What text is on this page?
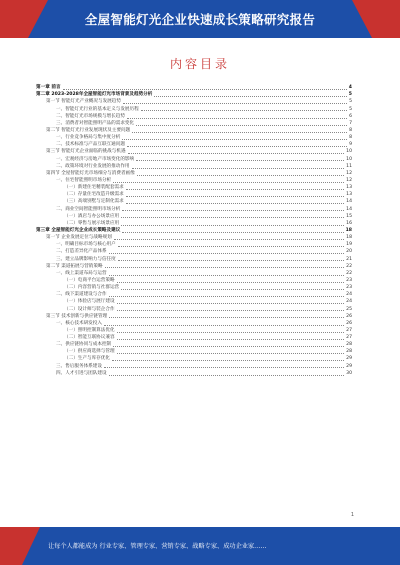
全屋智能灯光企业快速成长策略研究报告
内容目录
第一章 前言	4
第二章 2023-2028年全屋智能灯光市场背景及趋势分析	5
第一节 智能灯光产业概况与发展趋势	5
一、智能灯光行业的基本定义与发展历程	5
二、智能灯光市场规模与增长趋势	6
三、消费者对智能照明产品的需求变化	7
第二节 智能灯光行业发展现状及主要问题	8
一、行业竞争格局与集中度分析	8
二、技术标准与产品互联互通问题	9
第三节 智能灯光企业面临的挑战与机遇	10
一、宏观经济与房地产市场变化的影响	10
二、政策环境对行业发展的推动作用	11
第四节 全屋智能灯光市场细分与消费者画像	12
一、住宅智能照明市场分析	12
（一）新建住宅精装配套需求	13
（二）存量住宅改造升级需求	13
（三）高端别墅与定制化需求	14
二、商业空间智能照明市场分析	14
（一）酒店与办公场景应用	15
（二）零售与展示场景应用	16
第三章 全屋智能灯光企业成长策略及建议	18
第一节 企业发展定位与战略规划	18
一、明确目标市场与核心用户	19
二、打造差异化产品体系	20
三、建立品牌影响力与信任度	21
第二节 渠道拓展与营销策略	22
一、线上渠道布局与运营	22
（一）电商平台运营策略	23
（二）内容营销与社群运营	23
二、线下渠道建设与合作	24
（一）体验店与展厅建设	24
（二）设计师与装企合作	25
第三节 技术创新与供应链管理	26
一、核心技术研发投入	26
（一）照明控制算法优化	27
（二）智能互联协议兼容	27
二、供应链协同与成本控制	28
（一）供应商选择与管理	28
（二）生产与库存优化	29
三、售后服务体系建设	29
四、人才引进与团队建设	30
1
让每个人都能成为 行业专家、管理专家、营销专家、战略专家、成功企业家……
